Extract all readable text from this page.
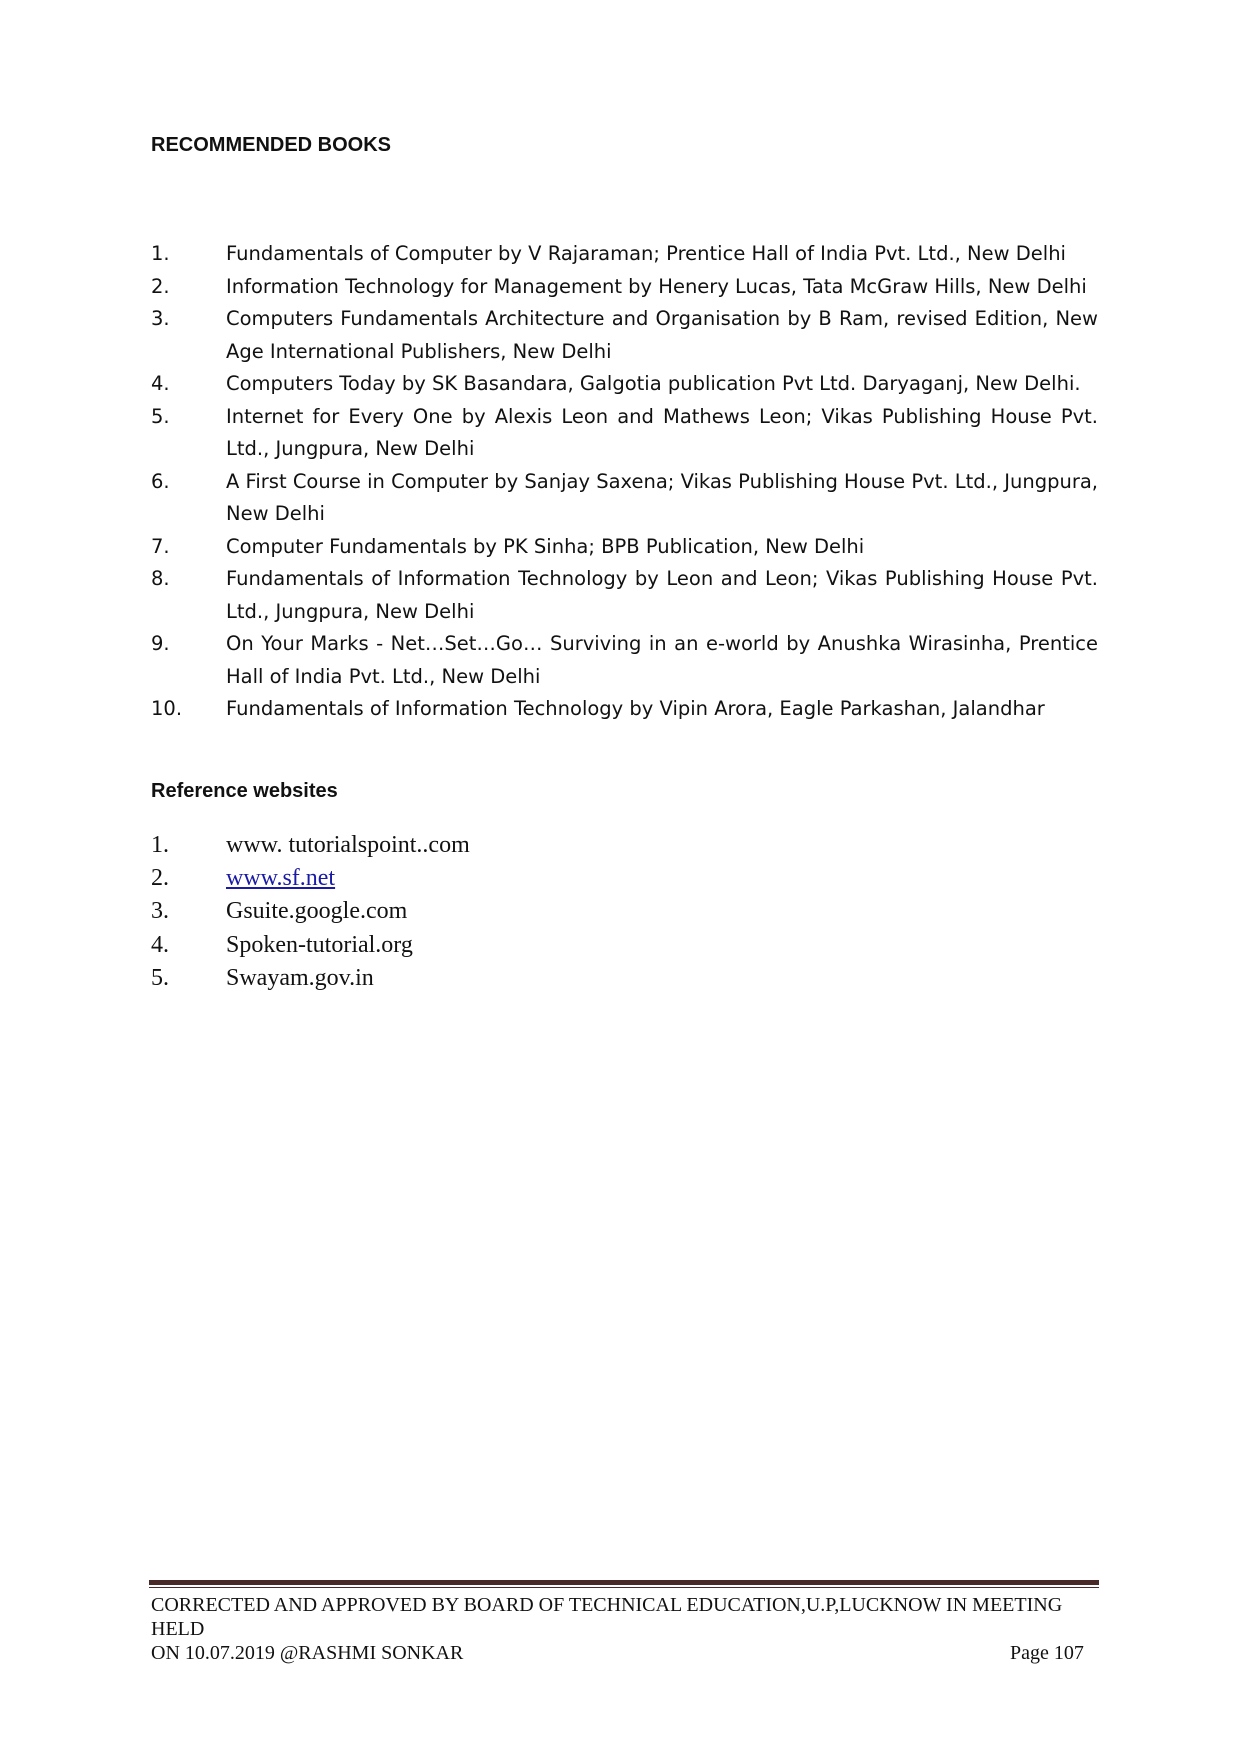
RECOMMENDED BOOKS
1.	Fundamentals of Computer by V Rajaraman; Prentice Hall of India Pvt. Ltd., New Delhi
2.	Information Technology for Management by Henery Lucas, Tata McGraw Hills, New Delhi
3.	Computers Fundamentals Architecture and Organisation by B Ram, revised Edition, New Age International Publishers, New Delhi
4.	Computers Today by SK Basandara, Galgotia publication Pvt Ltd. Daryaganj, New Delhi.
5.	Internet for Every One by Alexis Leon and Mathews Leon; Vikas Publishing House Pvt. Ltd., Jungpura, New Delhi
6.	A First Course in Computer by Sanjay Saxena; Vikas Publishing House Pvt. Ltd., Jungpura, New Delhi
7.	Computer Fundamentals by PK Sinha; BPB Publication, New Delhi
8.	Fundamentals of Information Technology by Leon and Leon; Vikas Publishing House Pvt. Ltd., Jungpura, New Delhi
9.	On Your Marks - Net…Set…Go… Surviving in an e-world by Anushka Wirasinha, Prentice Hall of India Pvt. Ltd., New Delhi
10. Fundamentals of Information Technology by Vipin Arora, Eagle Parkashan, Jalandhar
Reference websites
1. www. tutorialspoint..com
2. www.sf.net
3. Gsuite.google.com
4. Spoken-tutorial.org
5. Swayam.gov.in

CORRECTED AND APPROVED BY BOARD OF TECHNICAL EDUCATION,U.P,LUCKNOW IN MEETING HELD
ON 10.07.2019 @RASHMI SONKAR	Page 107
